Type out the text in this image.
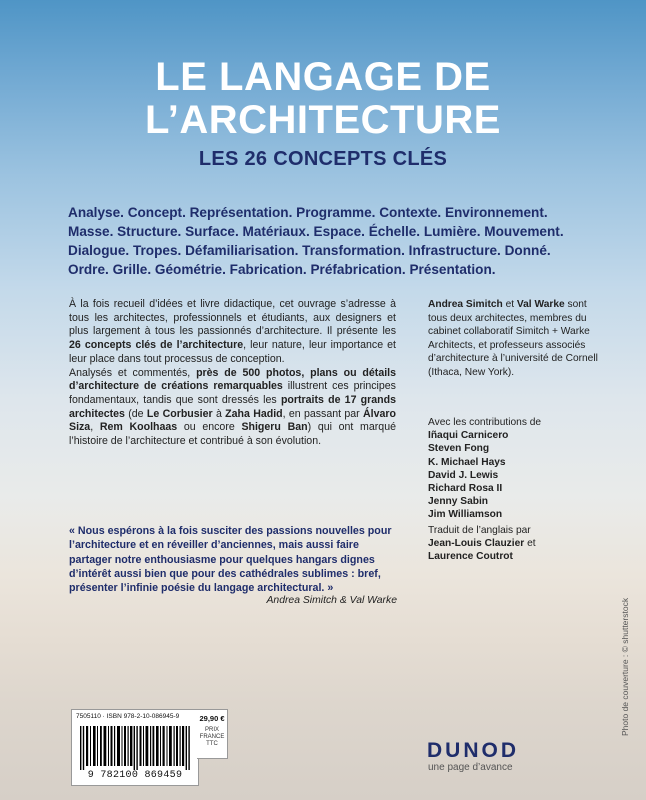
LE LANGAGE DE
L’ARCHITECTURE
LES 26 CONCEPTS CLÉS

Analyse. Concept. Représentation. Programme. Contexte. Environnement.
Masse. Structure. Surface. Matériaux. Espace. Échelle. Lumière. Mouvement.
Dialogue. Tropes. Défamiliarisation. Transformation. Infrastructure. Donné.
Ordre. Grille. Géométrie. Fabrication. Préfabrication. Présentation.

À la fois recueil d’idées et livre didactique, cet ouvrage s’adresse à tous les architectes, professionnels et étudiants, aux designers et plus largement à tous les passionnés d’architecture. Il présente les 26 concepts clés de l’architecture, leur nature, leur importance et leur place dans tout processus de conception.
Analysés et commentés, près de 500 photos, plans ou détails d’architecture de créations remarquables illustrent ces principes fondamentaux, tandis que sont dressés les portraits de 17 grands architectes (de Le Corbusier à Zaha Hadid, en passant par Álvaro Siza, Rem Koolhaas ou encore Shigeru Ban) qui ont marqué l’histoire de l’architecture et contribué à son évolution.

Andrea Simitch et Val Warke sont tous deux architectes, membres du cabinet collaboratif Simitch + Warke Architects, et professeurs associés d’architecture à l’université de Cornell (Ithaca, New York).

Avec les contributions de
Iñaqui Carnicero
Steven Fong
K. Michael Hays
David J. Lewis
Richard Rosa II
Jenny Sabin
Jim Williamson
Traduit de l’anglais par
Jean-Louis Clauzier et
Laurence Coutrot

« Nous espérons à la fois susciter des passions nouvelles pour l’architecture et en réveiller d’anciennes, mais aussi faire partager notre enthousiasme pour quelques hangars dignes d’intérêt aussi bien que pour des cathédrales sublimes : bref, présenter l’infinie poésie du langage architectural. »

Andrea Simitch & Val Warke	Photo de couverture : © shutterstock
7505110 · ISBN 978-2-10-086945-9
9 782100 869459
29,90 €
PRIX
FRANCE
TTC	DUNOD
une page d’avance
